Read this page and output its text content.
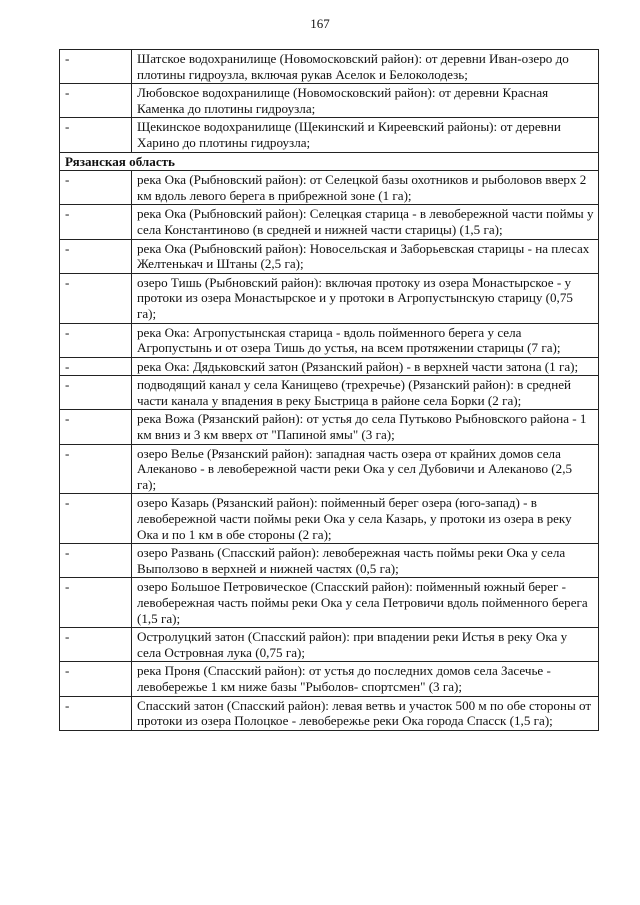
167
-	Шатское водохранилище (Новомосковский район): от деревни Иван-озеро до плотины гидроузла, включая рукав Аселок и Белоколодезь;
-	Любовское водохранилище (Новомосковский район): от деревни Красная Каменка до плотины гидроузла;
-	Щекинское водохранилище (Щекинский и Киреевский районы): от деревни Харино до плотины гидроузла;
Рязанская область	
-	река Ока (Рыбновский район): от Селецкой базы охотников и рыболовов вверх 2 км вдоль левого берега в прибрежной зоне (1 га);
-	река Ока (Рыбновский район): Селецкая старица - в левобережной части поймы у села Константиново (в средней и нижней части старицы) (1,5 га);
-	река Ока (Рыбновский район): Новосельская и Заборьевская старицы - на плесах Желтенькач и Штаны (2,5 га);
-	озеро Тишь (Рыбновский район): включая протоку из озера Монастырское - у протоки из озера Монастырское и у протоки в Агропустынскую старицу (0,75 га);
-	река Ока: Агропустынская старица - вдоль пойменного берега у села Агропустынь и от озера Тишь до устья, на всем протяжении старицы (7 га);
-	река Ока: Дядьковский затон (Рязанский район) - в верхней части затона (1 га);
-	подводящий канал у села Канищево (трехречье) (Рязанский район): в средней части канала у впадения в реку Быстрица в районе села Борки (2 га);
-	река Вожа (Рязанский район): от устья до села Путьково Рыбновского района - 1 км вниз и 3 км вверх от "Папиной ямы" (3 га);
-	озеро Велье (Рязанский район): западная часть озера от крайних домов села Алеканово - в левобережной части реки Ока у сел Дубовичи и Алеканово (2,5 га);
-	озеро Казарь (Рязанский район): пойменный берег озера (юго-запад) - в левобережной части поймы реки Ока у села Казарь, у протоки из озера в реку Ока и по 1 км в обе стороны (2 га);
-	озеро Развань (Спасский район): левобережная часть поймы реки Ока у села Выползово в верхней и нижней частях (0,5 га);
-	озеро Большое Петровическое (Спасский район): пойменный южный берег - левобережная часть поймы реки Ока у села Петровичи вдоль пойменного берега (1,5 га);
-	Остролуцкий затон (Спасский район): при впадении реки Истья в реку Ока у села Островная лука (0,75 га);
-	река Проня (Спасский район): от устья до последних домов села Засечье - левобережье 1 км ниже базы "Рыболов- спортсмен" (3 га);
-	Спасский затон (Спасский район): левая ветвь и участок 500 м по обе стороны от протоки из озера Полоцкое - левобережье реки Ока города Спасск (1,5 га);
